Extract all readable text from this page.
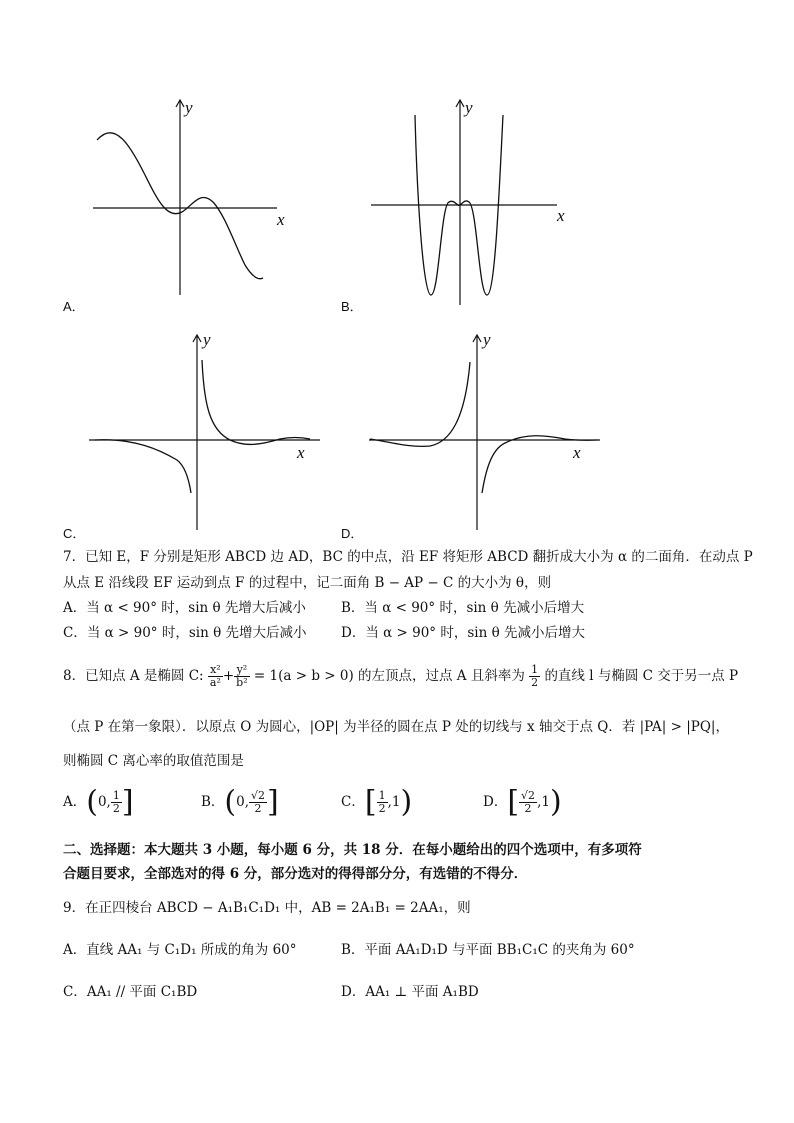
y
x
A．
y
x
B．
y
x
C．
y
x
D．
7．已知 E，F 分别是矩形 ABCD 边 AD，BC 的中点，沿 EF 将矩形 ABCD 翻折成大小为 α 的二面角．在动点 P
从点 E 沿线段 EF 运动到点 F 的过程中，记二面角 B − AP − C 的大小为 θ，则
A．当 α < 90° 时，sin θ 先增大后减小	B．当 α < 90° 时，sin θ 先减小后增大
C．当 α > 90° 时，sin θ 先增大后减小	D．当 α > 90° 时，sin θ 先减小后增大
8．已知点 A 是椭圆 C: $\frac{\text{x²}}{\text{a²}} + \frac{\text{y²}}{\text{b²}} = 1(a > b > 0)$ 的左顶点，过点 A 且斜率为 $\frac{1}{2}$ 的直线 l 与椭圆 C 交于另一点 P
（点 P 在第一象限）．以原点 O 为圆心，|OP| 为半径的圆在点 P 处的切线与 x 轴交于点 Q．若 |PA| > |PQ|，
则椭圆 C 离心率的取值范围是
A．(0, $\frac{1}{2}$ ]	B．(0, $\frac{√2}{2}$ ]	C．[ $\frac{1}{2} ,1$)	D．[ $\frac{√2}{2} ,1$)
二、选择题：本大题共 3 小题，每小题 6 分，共 18 分．在每小题给出的四个选项中，有多项符
合题目要求，全部选对的得 6 分，部分选对的得得部分分，有选错的不得分．
9．在正四棱台 ABCD − A₁B₁C₁D₁ 中，AB = 2A₁B₁ = 2AA₁，则
A．直线 AA₁ 与 C₁D₁ 所成的角为 60°	B．平面 AA₁D₁D 与平面 BB₁C₁C 的夹角为 60°
C．AA₁ // 平面 C₁BD	D．AA₁ ⊥ 平面 A₁BD
